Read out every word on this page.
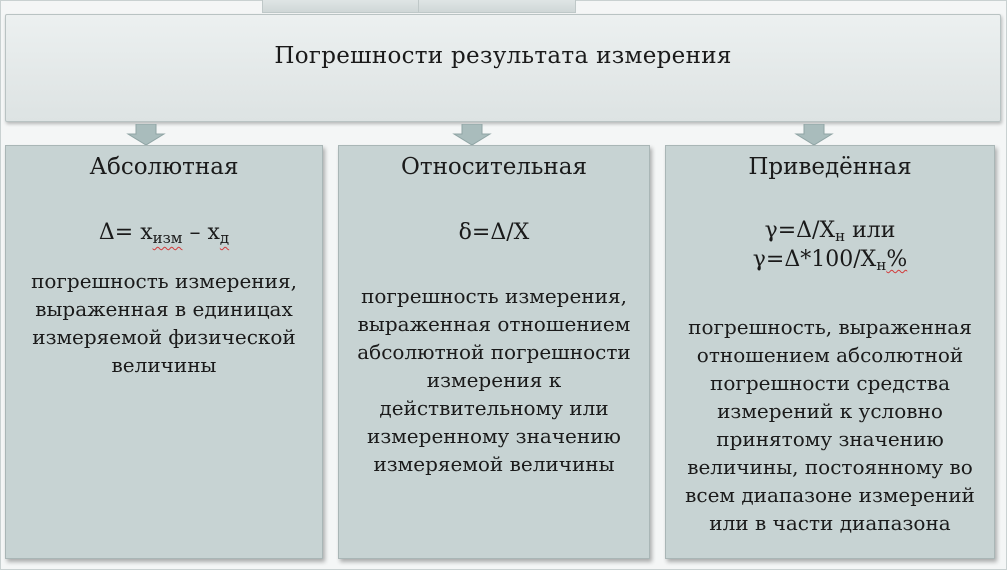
Погрешности результата измерения
Абсолютная
$\Delta= х_{изм} - х_д$
погрешность измерения,
выраженная в единицах
измеряемой физической
величины
Относительная
δ=Δ/X
погрешность измерения,
выраженная отношением
абсолютной погрешности
измерения к
действительному или
измеренному значению
измеряемой величины
Приведённая
$\gamma=\Delta/Х_н$ или
$\gamma=\Delta*100/Х_н\%$
погрешность, выраженная
отношением абсолютной
погрешности средства
измерений к условно
принятому значению
величины, постоянному во
всем диапазоне измерений
или в части диапазона
